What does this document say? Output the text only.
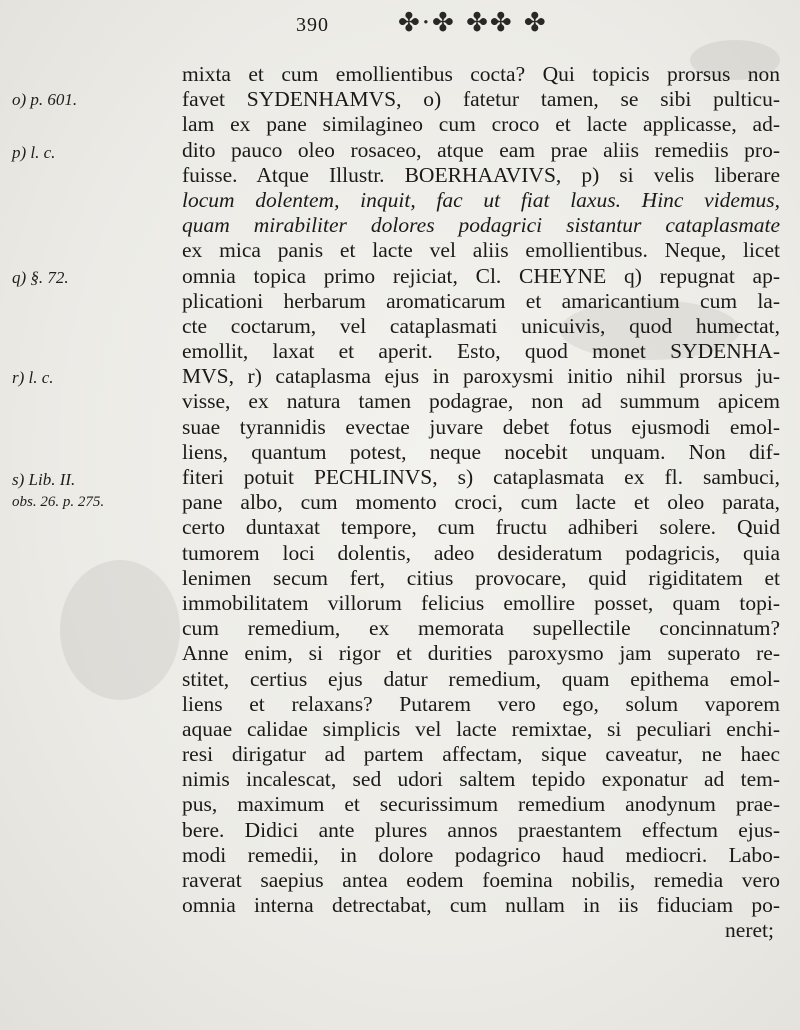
390	✤·✤ ✤✤ ✤
o) p. 601.
p) l. c.
q) §. 72.
r) l. c.
s) Lib. II.
obs. 26. p. 275.
mixta et cum emollientibus cocta? Qui topicis prorsus non
favet SYDENHAMVS, o) fatetur tamen, se sibi pulticu-
lam ex pane similagineo cum croco et lacte applicasse, ad-
dito pauco oleo rosaceo, atque eam prae aliis remediis pro-
fuisse. Atque Illustr. BOERHAAVIVS, p) si velis liberare
locum dolentem, inquit, fac ut fiat laxus. Hinc videmus,
quam mirabiliter dolores podagrici sistantur cataplasmate
ex mica panis et lacte vel aliis emollientibus. Neque, licet
omnia topica primo rejiciat, Cl. CHEYNE q) repugnat ap-
plicationi herbarum aromaticarum et amaricantium cum la-
cte coctarum, vel cataplasmati unicuivis, quod humectat,
emollit, laxat et aperit. Esto, quod monet SYDENHA-
MVS, r) cataplasma ejus in paroxysmi initio nihil prorsus ju-
visse, ex natura tamen podagrae, non ad summum apicem
suae tyrannidis evectae juvare debet fotus ejusmodi emol-
liens, quantum potest, neque nocebit unquam. Non dif-
fiteri potuit PECHLINVS, s) cataplasmata ex fl. sambuci,
pane albo, cum momento croci, cum lacte et oleo parata,
certo duntaxat tempore, cum fructu adhiberi solere. Quid
tumorem loci dolentis, adeo desideratum podagricis, quia
lenimen secum fert, citius provocare, quid rigiditatem et
immobilitatem villorum felicius emollire posset, quam topi-
cum remedium, ex memorata supellectile concinnatum?
Anne enim, si rigor et durities paroxysmo jam superato re-
stitet, certius ejus datur remedium, quam epithema emol-
liens et relaxans? Putarem vero ego, solum vaporem
aquae calidae simplicis vel lacte remixtae, si peculiari enchi-
resi dirigatur ad partem affectam, sique caveatur, ne haec
nimis incalescat, sed udori saltem tepido exponatur ad tem-
pus, maximum et securissimum remedium anodynum prae-
bere. Didici ante plures annos praestantem effectum ejus-
modi remedii, in dolore podagrico haud mediocri. Labo-
raverat saepius antea eodem foemina nobilis, remedia vero
omnia interna detrectabat, cum nullam in iis fiduciam po-
neret;
